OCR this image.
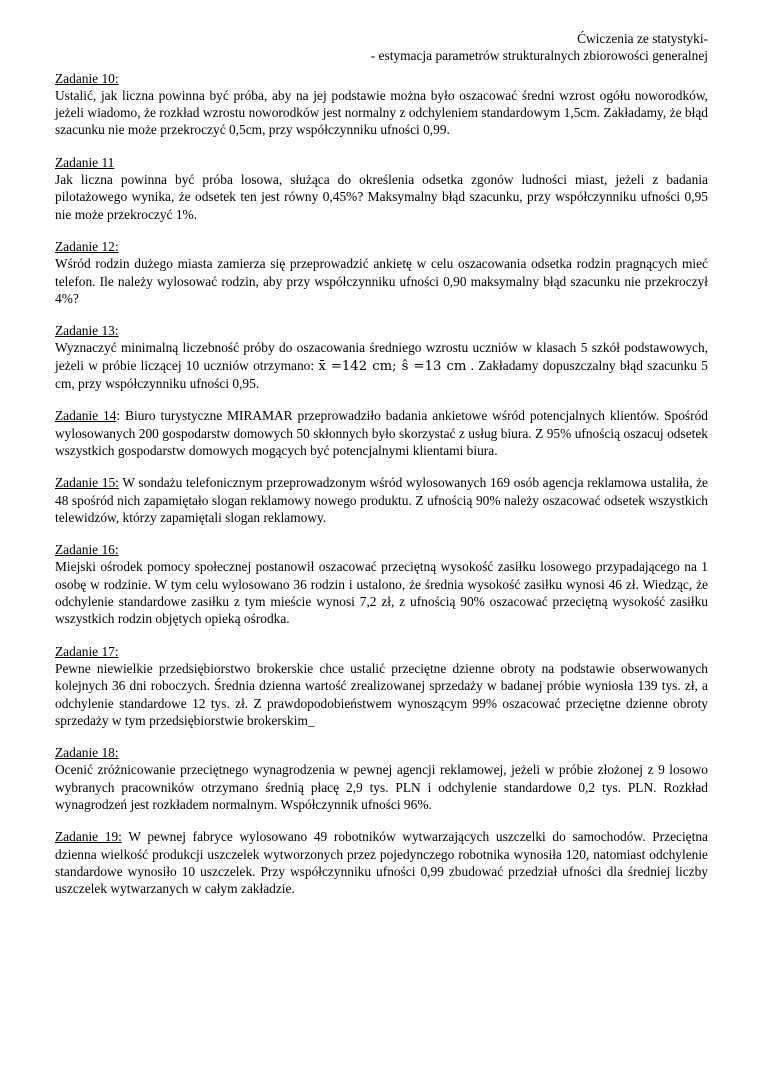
Ćwiczenia ze statystyki-
- estymacja parametrów strukturalnych zbiorowości generalnej
Zadanie 10:

Ustalić, jak liczna powinna być próba, aby na jej podstawie można było oszacować średni wzrost ogółu noworodków, jeżeli wiadomo, że rozkład wzrostu noworodków jest normalny z odchyleniem standardowym 1,5cm. Zakładamy, że błąd szacunku nie może przekroczyć 0,5cm, przy współczynniku ufności 0,99.

Zadanie 11

Jak liczna powinna być próba losowa, służąca do określenia odsetka zgonów ludności miast, jeżeli z badania pilotażowego wynika, że odsetek ten jest równy 0,45%? Maksymalny błąd szacunku, przy współczynniku ufności 0,95 nie może przekroczyć 1%.

Zadanie 12:

Wśród rodzin dużego miasta zamierza się przeprowadzić ankietę w celu oszacowania odsetka rodzin pragnących mieć telefon. Ile należy wylosować rodzin, aby przy współczynniku ufności 0,90 maksymalny błąd szacunku nie przekroczył 4%?

Zadanie 13:

Wyznaczyć minimalną liczebność próby do oszacowania średniego wzrostu uczniów w klasach 5 szkół podstawowych, jeżeli w próbie liczącej 10 uczniów otrzymano: x̄ =142 cm; ŝ =13 cm . Zakładamy dopuszczalny błąd szacunku 5 cm, przy współczynniku ufności 0,95.

Zadanie 14: Biuro turystyczne MIRAMAR przeprowadziło badania ankietowe wśród potencjalnych klientów. Spośród wylosowanych 200 gospodarstw domowych 50 skłonnych było skorzystać z usług biura. Z 95% ufnością oszacuj odsetek wszystkich gospodarstw domowych mogących być potencjalnymi klientami biura.

Zadanie 15: W sondażu telefonicznym przeprowadzonym wśród wylosowanych 169 osób agencja reklamowa ustaliła, że 48 spośród nich zapamiętało slogan reklamowy nowego produktu. Z ufnością 90% należy oszacować odsetek wszystkich telewidzów, którzy zapamiętali slogan reklamowy.

Zadanie 16:

Miejski ośrodek pomocy społecznej postanowił oszacować przeciętną wysokość zasiłku losowego przypadającego na 1 osobę w rodzinie. W tym celu wylosowano 36 rodzin i ustalono, że średnia wysokość zasiłku wynosi 46 zł. Wiedząc, że odchylenie standardowe zasiłku z tym mieście wynosi 7,2 zł, z ufnością 90% oszacować przeciętną wysokość zasiłku wszystkich rodzin objętych opieką ośrodka.

Zadanie 17:

Pewne niewielkie przedsiębiorstwo brokerskie chce ustalić przeciętne dzienne obroty na podstawie obserwowanych kolejnych 36 dni roboczych. Średnia dzienna wartość zrealizowanej sprzedaży w badanej próbie wyniosła 139 tys. zł, a odchylenie standardowe 12 tys. zł. Z prawdopodobieństwem wynoszącym 99% oszacować przeciętne dzienne obroty sprzedaży w tym przedsiębiorstwie brokerskim_

Zadanie 18:

Ocenić zróżnicowanie przeciętnego wynagrodzenia w pewnej agencji reklamowej, jeżeli w próbie złożonej z 9 losowo wybranych pracowników otrzymano średnią płacę 2,9 tys. PLN i odchylenie standardowe 0,2 tys. PLN. Rozkład wynagrodzeń jest rozkładem normalnym. Współczynnik ufności 96%.

Zadanie 19: W pewnej fabryce wylosowano 49 robotników wytwarzających uszczelki do samochodów. Przeciętna dzienna wielkość produkcji uszczelek wytworzonych przez pojedynczego robotnika wynosiła 120, natomiast odchylenie standardowe wynosiło 10 uszczelek. Przy współczynniku ufności 0,99 zbudować przedział ufności dla średniej liczby uszczelek wytwarzanych w całym zakładzie.
